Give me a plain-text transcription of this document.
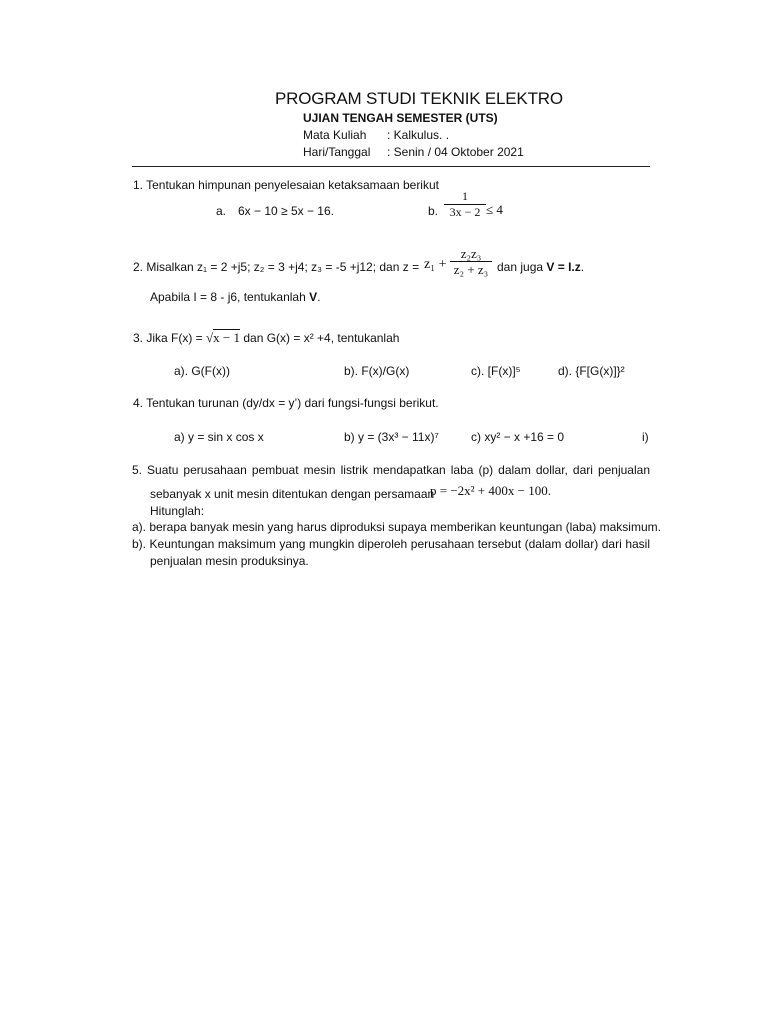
PROGRAM STUDI TEKNIK ELEKTRO
UJIAN TENGAH SEMESTER (UTS)
Mata Kuliah : Kalkulus. .
Hari/Tanggal : Senin / 04 Oktober 2021
1. Tentukan himpunan penyelesaian ketaksamaan berikut
a. 6x − 10 ≥ 5x − 16.	b.
1
3x − 2 ≤ 4
2. Misalkan z₁ = 2 +j5; z₂ = 3 +j4; z₃ = -5 +j12; dan z = z₁ +
z₂z₃
z₂ + z₃ dan juga V = I.z.
Apabila I = 8 - j6, tentukanlah V.
3. Jika F(x) = √x − 1 dan G(x) = x² +4, tentukanlah
a). G(F(x))	b). F(x)/G(x)	c). [F(x)]⁵	d). {F[G(x)]}²
4. Tentukan turunan (dy/dx = y’) dari fungsi-fungsi berikut.
a) y = sin x cos x	b) y = (3x³ − 11x)⁷	c) xy² − x +16 = 0	i)
5. Suatu perusahaan pembuat mesin listrik mendapatkan laba (p) dalam dollar, dari penjualan
sebanyak x unit mesin ditentukan dengan persamaan
p = −2x² + 400x − 100.
Hitunglah:
a). berapa banyak mesin yang harus diproduksi supaya memberikan keuntungan (laba) maksimum.
b). Keuntungan maksimum yang mungkin diperoleh perusahaan tersebut (dalam dollar) dari hasil
penjualan mesin produksinya.
